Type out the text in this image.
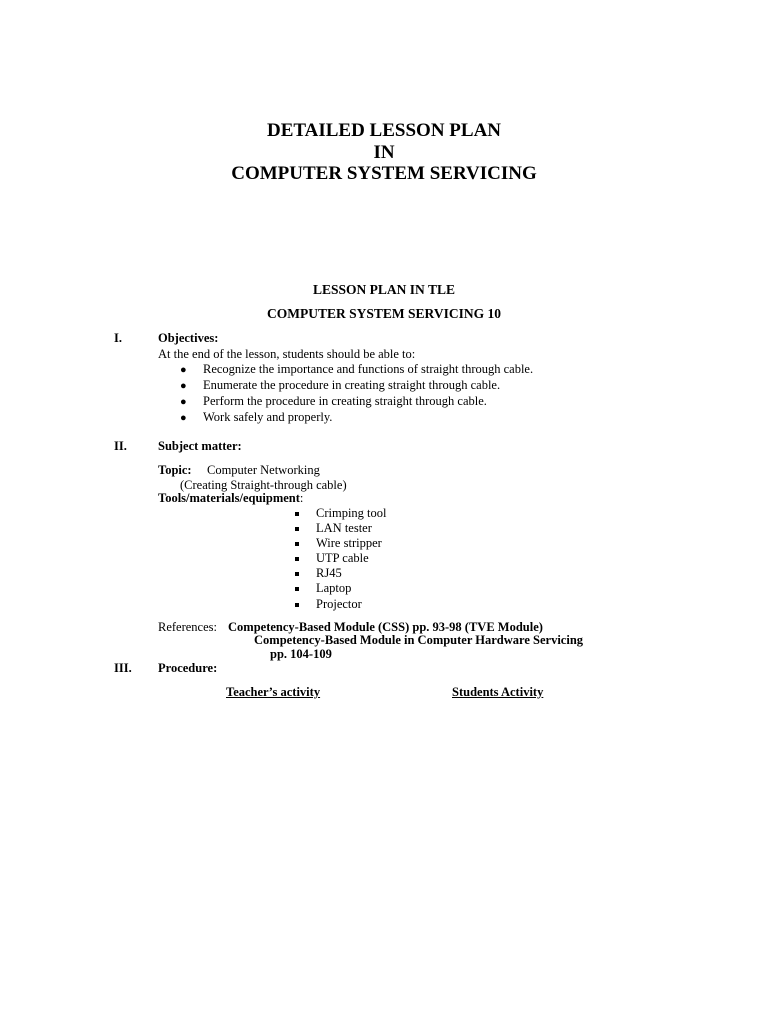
DETAILED LESSON PLAN
IN
COMPUTER SYSTEM SERVICING
LESSON PLAN IN TLE
COMPUTER SYSTEM SERVICING 10
I.	Objectives:
At the end of the lesson, students should be able to:
● Recognize the importance and functions of straight through cable.
● Enumerate the procedure in creating straight through cable.
● Perform the procedure in creating straight through cable.
● Work safely and properly.
II. Subject matter:
Topic: Computer Networking
(Creating Straight-through cable)
Tools/materials/equipment:
Crimping tool
LAN tester
Wire stripper
UTP cable
RJ45
Laptop
Projector
References: Competency-Based Module (CSS) pp. 93-98 (TVE Module)
Competency-Based Module in Computer Hardware Servicing
pp. 104-109
III. Procedure:
Teacher’s activity	Students Activity
